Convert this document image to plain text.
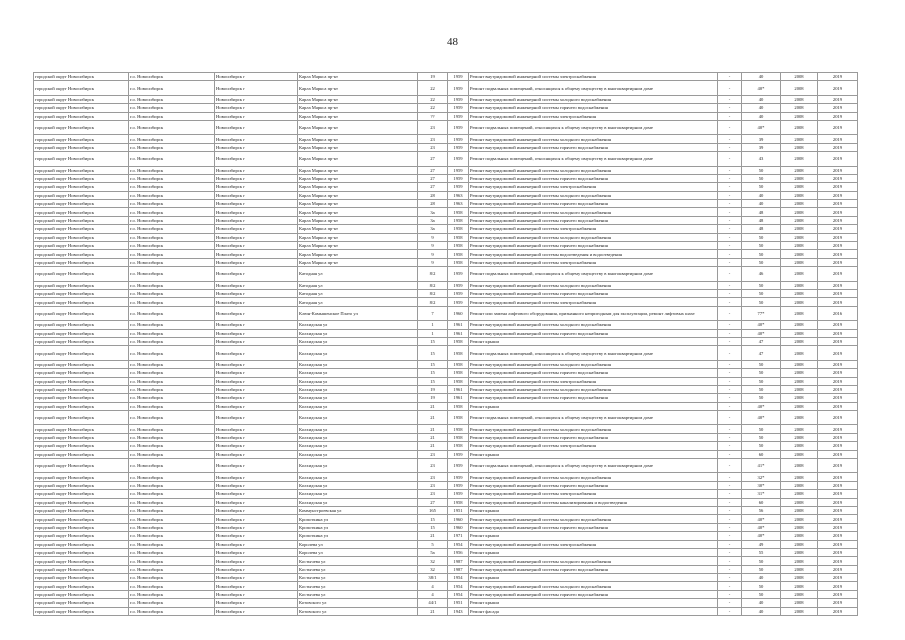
48
городской округ Новосибирск	г.о. Новосибирск	Новосибирск г	Карла Маркса пр-кт	19	1959	Ремонт внутридомовой инженерной системы электроснабжения	-	40	2008	2019
городской округ Новосибирск	г.о. Новосибирск	Новосибирск г	Карла Маркса пр-кт	22	1959	Ремонт подвальных помещений, относящихся к общему имуществу в многоквартирном доме	-	40*	2008	2019
городской округ Новосибирск	г.о. Новосибирск	Новосибирск г	Карла Маркса пр-кт	22	1959	Ремонт внутридомовой инженерной системы холодного водоснабжения	-	40	2008	2019
городской округ Новосибирск	г.о. Новосибирск	Новосибирск г	Карла Маркса пр-кт	22	1959	Ремонт внутридомовой инженерной системы горячего водоснабжения	-	40	2008	2019
городской округ Новосибирск	г.о. Новосибирск	Новосибирск г	Карла Маркса пр-кт	??	1959	Ремонт внутридомовой инженерной системы электроснабжения	-	40	2008	2019
городской округ Новосибирск	г.о. Новосибирск	Новосибирск г	Карла Маркса пр-кт	23	1959	Ремонт подвальных помещений, относящихся к общему имуществу в многоквартирном доме	-	40*	2008	2019
городской округ Новосибирск	г.о. Новосибирск	Новосибирск г	Карла Маркса пр-кт	23	1959	Ремонт внутридомовой инженерной системы холодного водоснабжения	-	39	2008	2019
городской округ Новосибирск	г.о. Новосибирск	Новосибирск г	Карла Маркса пр-кт	23	1959	Ремонт внутридомовой инженерной системы горячего водоснабжения	-	39	2008	2019
городской округ Новосибирск	г.о. Новосибирск	Новосибирск г	Карла Маркса пр-кт	27	1959	Ремонт подвальных помещений, относящихся к общему имуществу в многоквартирном доме	-	43	2008	2019
городской округ Новосибирск	г.о. Новосибирск	Новосибирск г	Карла Маркса пр-кт	27	1959	Ремонт внутридомовой инженерной системы холодного водоснабжения	-	50	2008	2019
городской округ Новосибирск	г.о. Новосибирск	Новосибирск г	Карла Маркса пр-кт	27	1959	Ремонт внутридомовой инженерной системы горячего водоснабжения	-	50	2008	2019
городской округ Новосибирск	г.о. Новосибирск	Новосибирск г	Карла Маркса пр-кт	27	1959	Ремонт внутридомовой инженерной системы электроснабжения	-	50	2008	2019
городской округ Новосибирск	г.о. Новосибирск	Новосибирск г	Карла Маркса пр-кт	28	1963	Ремонт внутридомовой инженерной системы холодного водоснабжения	-	40	2008	2019
городской округ Новосибирск	г.о. Новосибирск	Новосибирск г	Карла Маркса пр-кт	28	1963	Ремонт внутридомовой инженерной системы горячего водоснабжения	-	40	2008	2019
городской округ Новосибирск	г.о. Новосибирск	Новосибирск г	Карла Маркса пр-кт	3а	1958	Ремонт внутридомовой инженерной системы холодного водоснабжения	-	48	2008	2019
городской округ Новосибирск	г.о. Новосибирск	Новосибирск г	Карла Маркса пр-кт	3а	1958	Ремонт внутридомовой инженерной системы горячего водоснабжения	-	48	2008	2019
городской округ Новосибирск	г.о. Новосибирск	Новосибирск г	Карла Маркса пр-кт	3а	1958	Ремонт внутридомовой инженерной системы электроснабжения	-	48	2008	2019
городской округ Новосибирск	г.о. Новосибирск	Новосибирск г	Карла Маркса пр-кт	9	1958	Ремонт внутридомовой инженерной системы холодного водоснабжения	-	50	2008	2019
городской округ Новосибирск	г.о. Новосибирск	Новосибирск г	Карла Маркса пр-кт	9	1958	Ремонт внутридомовой инженерной системы горячего водоснабжения	-	50	2008	2019
городской округ Новосибирск	г.о. Новосибирск	Новосибирск г	Карла Маркса пр-кт	9	1958	Ремонт внутридомовой инженерной системы водоотведения и водоотведения	-	50	2008	2019
городской округ Новосибирск	г.о. Новосибирск	Новосибирск г	Карла Маркса пр-кт	9	1958	Ремонт внутридомовой инженерной системы электроснабжения	-	50	2008	2019
городской округ Новосибирск	г.о. Новосибирск	Новосибирск г	Катодная ул	8/2	1959	Ремонт подвальных помещений, относящихся к общему имуществу в многоквартирном доме	-	46	2008	2019
городской округ Новосибирск	г.о. Новосибирск	Новосибирск г	Катодная ул	8/2	1959	Ремонт внутридомовой инженерной системы холодного водоснабжения	-	50	2008	2019
городской округ Новосибирск	г.о. Новосибирск	Новосибирск г	Катодная ул	8/2	1959	Ремонт внутридомовой инженерной системы горячего водоснабжения	-	50	2008	2019
городской округ Новосибирск	г.о. Новосибирск	Новосибирск г	Катодная ул	8/2	1959	Ремонт внутридомовой инженерной системы электроснабжения	-	50	2008	2019
городской округ Новосибирск	г.о. Новосибирск	Новосибирск г	Клюн-Камышенское Плато ул	7	1960	Ремонт или замена лифтового оборудования, признанного непригодным для эксплуатации, ремонт лифтовых шахт	-	77*	2008	2016
городской округ Новосибирск	г.о. Новосибирск	Новосибирск г	Колхидская ул	1	1961	Ремонт внутридомовой инженерной системы холодного водоснабжения	-	40*	2008	2019
городской округ Новосибирск	г.о. Новосибирск	Новосибирск г	Колхидская ул	1	1961	Ремонт внутридомовой инженерной системы горячего водоснабжения	-	40*	2008	2019
городской округ Новосибирск	г.о. Новосибирск	Новосибирск г	Колхидская ул	15	1958	Ремонт крыши	-	47	2008	2019
городской округ Новосибирск	г.о. Новосибирск	Новосибирск г	Колхидская ул	15	1958	Ремонт подвальных помещений, относящихся к общему имуществу в многоквартирном доме	-	47	2008	2019
городской округ Новосибирск	г.о. Новосибирск	Новосибирск г	Колхидская ул	15	1958	Ремонт внутридомовой инженерной системы холодного водоснабжения	-	50	2008	2019
городской округ Новосибирск	г.о. Новосибирск	Новосибирск г	Колхидская ул	15	1958	Ремонт внутридомовой инженерной системы горячего водоснабжения	-	50	2008	2019
городской округ Новосибирск	г.о. Новосибирск	Новосибирск г	Колхидская ул	15	1958	Ремонт внутридомовой инженерной системы электроснабжения	-	50	2008	2019
городской округ Новосибирск	г.о. Новосибирск	Новосибирск г	Колхидская ул	19	1961	Ремонт внутридомовой инженерной системы холодного водоснабжения	-	50	2008	2019
городской округ Новосибирск	г.о. Новосибирск	Новосибирск г	Колхидская ул	19	1961	Ремонт внутридомовой инженерной системы горячего водоснабжения	-	50	2008	2019
городской округ Новосибирск	г.о. Новосибирск	Новосибирск г	Колхидская ул	21	1958	Ремонт крыши	-	40*	2008	2019
городской округ Новосибирск	г.о. Новосибирск	Новосибирск г	Колхидская ул	21	1958	Ремонт подвальных помещений, относящихся к общему имуществу в многоквартирном доме	-	40*	2008	2019
городской округ Новосибирск	г.о. Новосибирск	Новосибирск г	Колхидская ул	21	1958	Ремонт внутридомовой инженерной системы холодного водоснабжения	-	50	2008	2019
городской округ Новосибирск	г.о. Новосибирск	Новосибирск г	Колхидская ул	21	1958	Ремонт внутридомовой инженерной системы горячего водоснабжения	-	50	2008	2019
городской округ Новосибирск	г.о. Новосибирск	Новосибирск г	Колхидская ул	21	1958	Ремонт внутридомовой инженерной системы электроснабжения	-	50	2008	2019
городской округ Новосибирск	г.о. Новосибирск	Новосибирск г	Колхидская ул	23	1959	Ремонт крыши	-	60	2008	2019
городской округ Новосибирск	г.о. Новосибирск	Новосибирск г	Колхидская ул	23	1959	Ремонт подвальных помещений, относящихся к общему имуществу в многоквартирном доме	-	41*	2008	2019
городской округ Новосибирск	г.о. Новосибирск	Новосибирск г	Колхидская ул	23	1959	Ремонт внутридомовой инженерной системы холодного водоснабжения	-	32*	2008	2019
городской округ Новосибирск	г.о. Новосибирск	Новосибирск г	Колхидская ул	23	1959	Ремонт внутридомовой инженерной системы горячего водоснабжения	-	30*	2008	2019
городской округ Новосибирск	г.о. Новосибирск	Новосибирск г	Колхидская ул	23	1959	Ремонт внутридомовой инженерной системы электроснабжения	-	31*	2008	2019
городской округ Новосибирск	г.о. Новосибирск	Новосибирск г	Колхидская ул	27	1958	Ремонт внутридомовой инженерной системы канализирования и водоотведения	-	60	2008	2019
городской округ Новосибирск	г.о. Новосибирск	Новосибирск г	Коммунстроевская ул	165	1951	Ремонт крыши	-	56	2008	2019
городской округ Новосибирск	г.о. Новосибирск	Новосибирск г	Кропоткина ул	15	1960	Ремонт внутридомовой инженерной системы холодного водоснабжения	-	40*	2008	2019
городской округ Новосибирск	г.о. Новосибирск	Новосибирск г	Кропоткина ул	15	1960	Ремонт внутридомовой инженерной системы горячего водоснабжения	-	40*	2008	2019
городской округ Новосибирск	г.о. Новосибирск	Новосибирск г	Кропоткина ул	21	1971	Ремонт крыши	-	40*	2008	2019
городской округ Новосибирск	г.о. Новосибирск	Новосибирск г	Королева ул	5	1954	Ремонт внутридомовой инженерной системы электроснабжения	-	49	2008	2019
городской округ Новосибирск	г.о. Новосибирск	Новосибирск г	Королева ул	5а	1956	Ремонт крыши	-	55	2008	2019
городской округ Новосибирск	г.о. Новосибирск	Новосибирск г	Костычева ул	32	1987	Ремонт внутридомовой инженерной системы холодного водоснабжения	-	50	2008	2019
городской округ Новосибирск	г.о. Новосибирск	Новосибирск г	Костычева ул	32	1987	Ремонт внутридомовой инженерной системы горячего водоснабжения	-	50	2008	2019
городской округ Новосибирск	г.о. Новосибирск	Новосибирск г	Костычева ул	38/1	1954	Ремонт крыши	-	40	2008	2019
городской округ Новосибирск	г.о. Новосибирск	Новосибирск г	Костычева ул	4	1954	Ремонт внутридомовой инженерной системы холодного водоснабжения	-	50	2008	2019
городской округ Новосибирск	г.о. Новосибирск	Новосибирск г	Костычева ул	4	1954	Ремонт внутридомовой инженерной системы горячего водоснабжения	-	50	2008	2019
городской округ Новосибирск	г.о. Новосибирск	Новосибирск г	Котовского ул	44/1	1951	Ремонт крыши	-	40	2008	2019
городской округ Новосибирск	г.о. Новосибирск	Новосибирск г	Котовского ул	21	1943	Ремонт фасада	-	40	2008	2019
